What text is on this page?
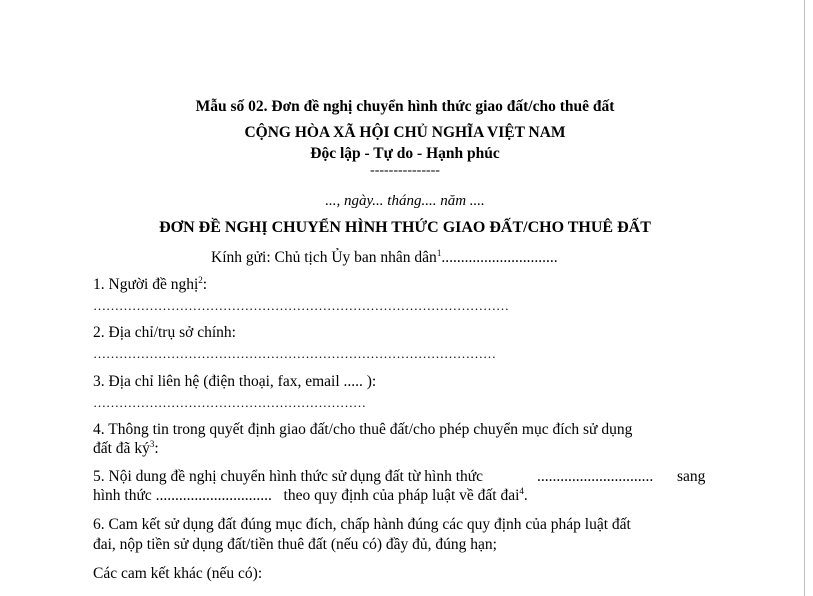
Mẫu số 02. Đơn đề nghị chuyển hình thức giao đất/cho thuê đất
CỘNG HÒA XÃ HỘI CHỦ NGHĨA VIỆT NAM
Độc lập - Tự do - Hạnh phúc
---------------
..., ngày... tháng.... năm ....
ĐƠN ĐỀ NGHỊ CHUYỂN HÌNH THỨC GIAO ĐẤT/CHO THUÊ ĐẤT
Kính gửi: Chủ tịch Ủy ban nhân dân$^1$..............................
1. Người đề nghị$^2$:
……………………………………………………………………………………
2. Địa chỉ/trụ sở chính:
…………………………………………………………………………………
3. Địa chỉ liên hệ (điện thoại, fax, email ..... ):
………………………………………………………
4. Thông tin trong quyết định giao đất/cho thuê đất/cho phép chuyển mục đích sử dụng
đất đã $ký^3$:
5. Nội dung đề nghị chuyển hình thức sử dụng đất từ hình thức	.............................. sang
hình thức .............................. theo quy định của pháp luật về đất đai$^4$.
6. Cam kết sử dụng đất đúng mục đích, chấp hành đúng các quy định của pháp luật đất
đai, nộp tiền sử dụng đất/tiền thuê đất (nếu có) đầy đủ, đúng hạn;
Các cam kết khác (nếu có):
